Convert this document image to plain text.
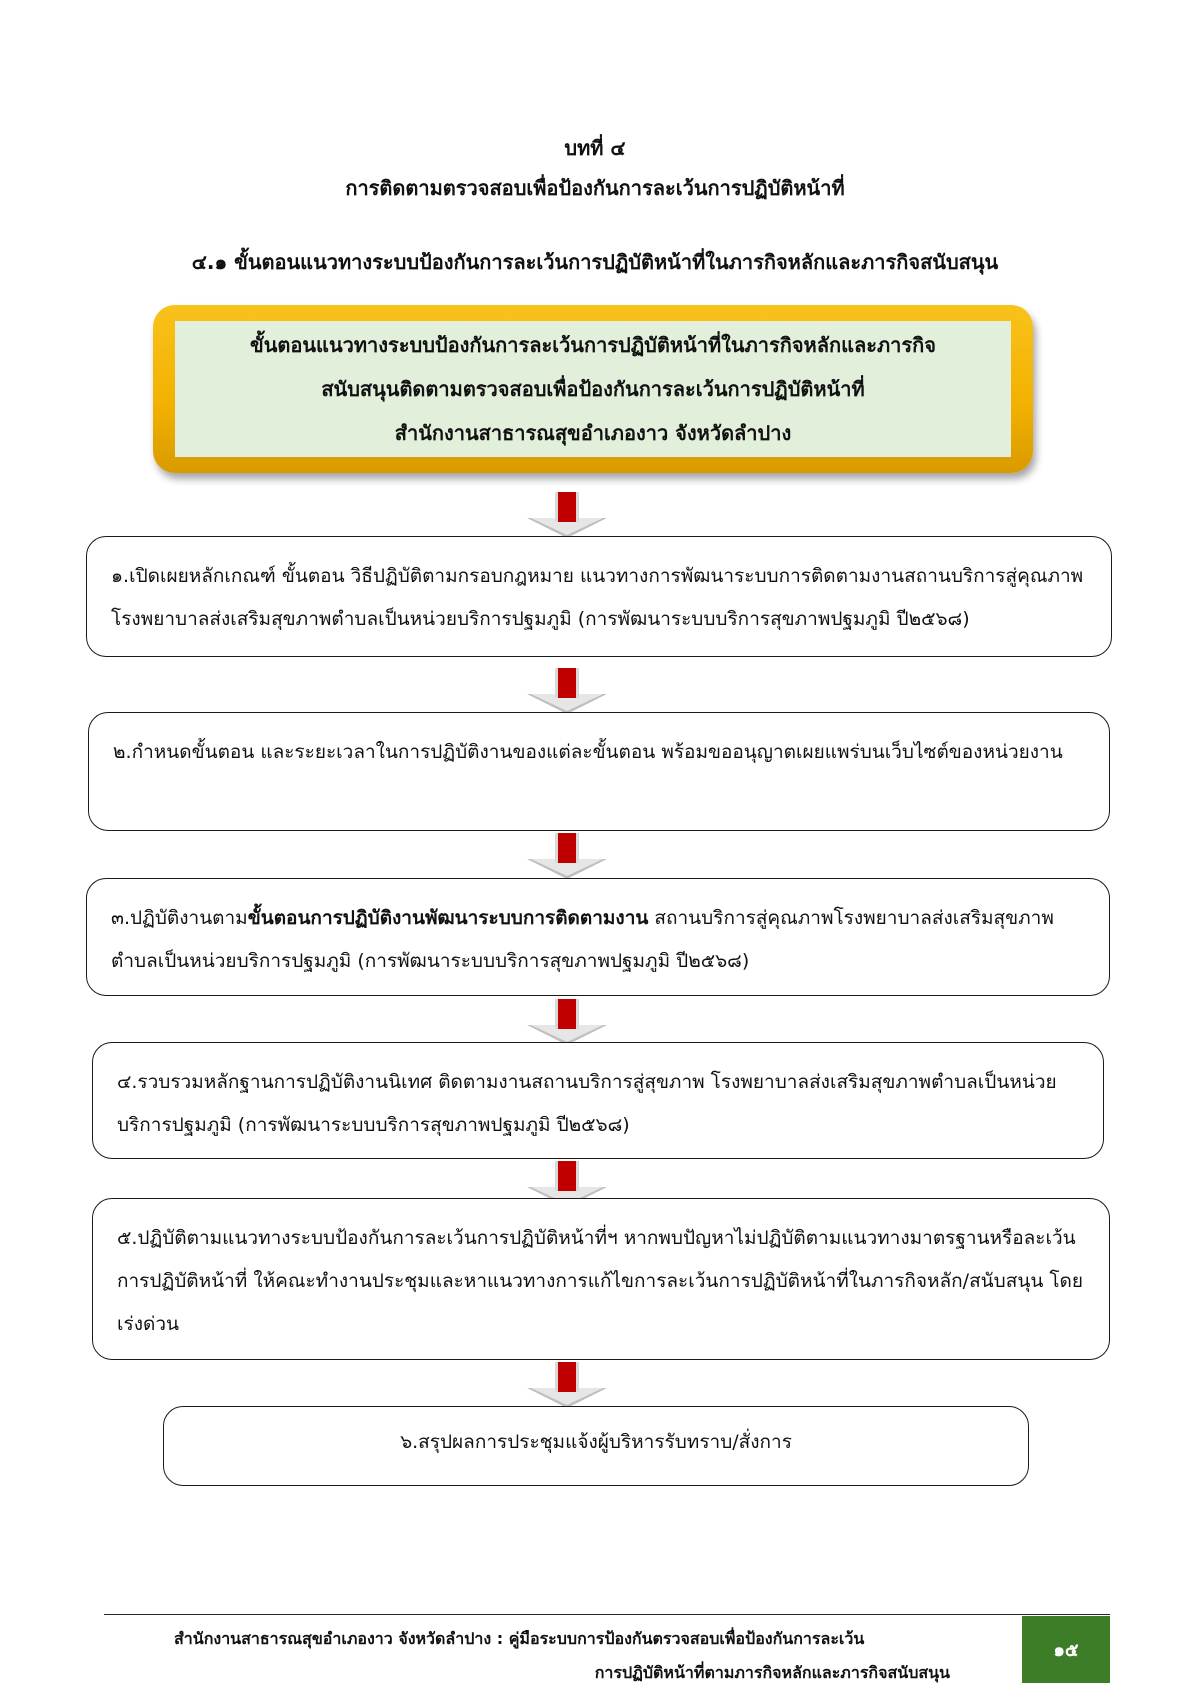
บทที่ ๔
การติดตามตรวจสอบเพื่อป้องกันการละเว้นการปฏิบัติหน้าที่
๔.๑ ขั้นตอนแนวทางระบบป้องกันการละเว้นการปฏิบัติหน้าที่ในภารกิจหลักและภารกิจสนับสนุน
ขั้นตอนแนวทางระบบป้องกันการละเว้นการปฏิบัติหน้าที่ในภารกิจหลักและภารกิจ
สนับสนุนติดตามตรวจสอบเพื่อป้องกันการละเว้นการปฏิบัติหน้าที่
สำนักงานสาธารณสุขอำเภองาว จังหวัดลำปาง
๑.เปิดเผยหลักเกณฑ์ ขั้นตอน วิธีปฏิบัติตามกรอบกฎหมาย แนวทางการพัฒนาระบบการติดตามงานสถานบริการสู่คุณภาพ โรงพยาบาลส่งเสริมสุขภาพตำบลเป็นหน่วยบริการปฐมภูมิ (การพัฒนาระบบบริการสุขภาพปฐมภูมิ ปี๒๕๖๘)
๒.กำหนดขั้นตอน และระยะเวลาในการปฏิบัติงานของแต่ละขั้นตอน พร้อมขออนุญาตเผยแพร่บนเว็บไซต์ของหน่วยงาน
๓.ปฏิบัติงานตามขั้นตอนการปฏิบัติงานพัฒนาระบบการติดตามงาน สถานบริการสู่คุณภาพโรงพยาบาลส่งเสริมสุขภาพตำบลเป็นหน่วยบริการปฐมภูมิ (การพัฒนาระบบบริการสุขภาพปฐมภูมิ ปี๒๕๖๘)
๔.รวบรวมหลักฐานการปฏิบัติงานนิเทศ ติดตามงานสถานบริการสู่สุขภาพ โรงพยาบาลส่งเสริมสุขภาพตำบลเป็นหน่วยบริการปฐมภูมิ (การพัฒนาระบบบริการสุขภาพปฐมภูมิ ปี๒๕๖๘)
๕.ปฏิบัติตามแนวทางระบบป้องกันการละเว้นการปฏิบัติหน้าที่ฯ หากพบปัญหาไม่ปฏิบัติตามแนวทางมาตรฐานหรือละเว้นการปฏิบัติหน้าที่ ให้คณะทำงานประชุมและหาแนวทางการแก้ไขการละเว้นการปฏิบัติหน้าที่ในภารกิจหลัก/สนับสนุน โดยเร่งด่วน
๖.สรุปผลการประชุมแจ้งผู้บริหารรับทราบ/สั่งการ
สำนักงานสาธารณสุขอำเภองาว จังหวัดลำปาง : คู่มือระบบการป้องกันตรวจสอบเพื่อป้องกันการละเว้น
การปฏิบัติหน้าที่ตามภารกิจหลักและภารกิจสนับสนุน
๑๕
